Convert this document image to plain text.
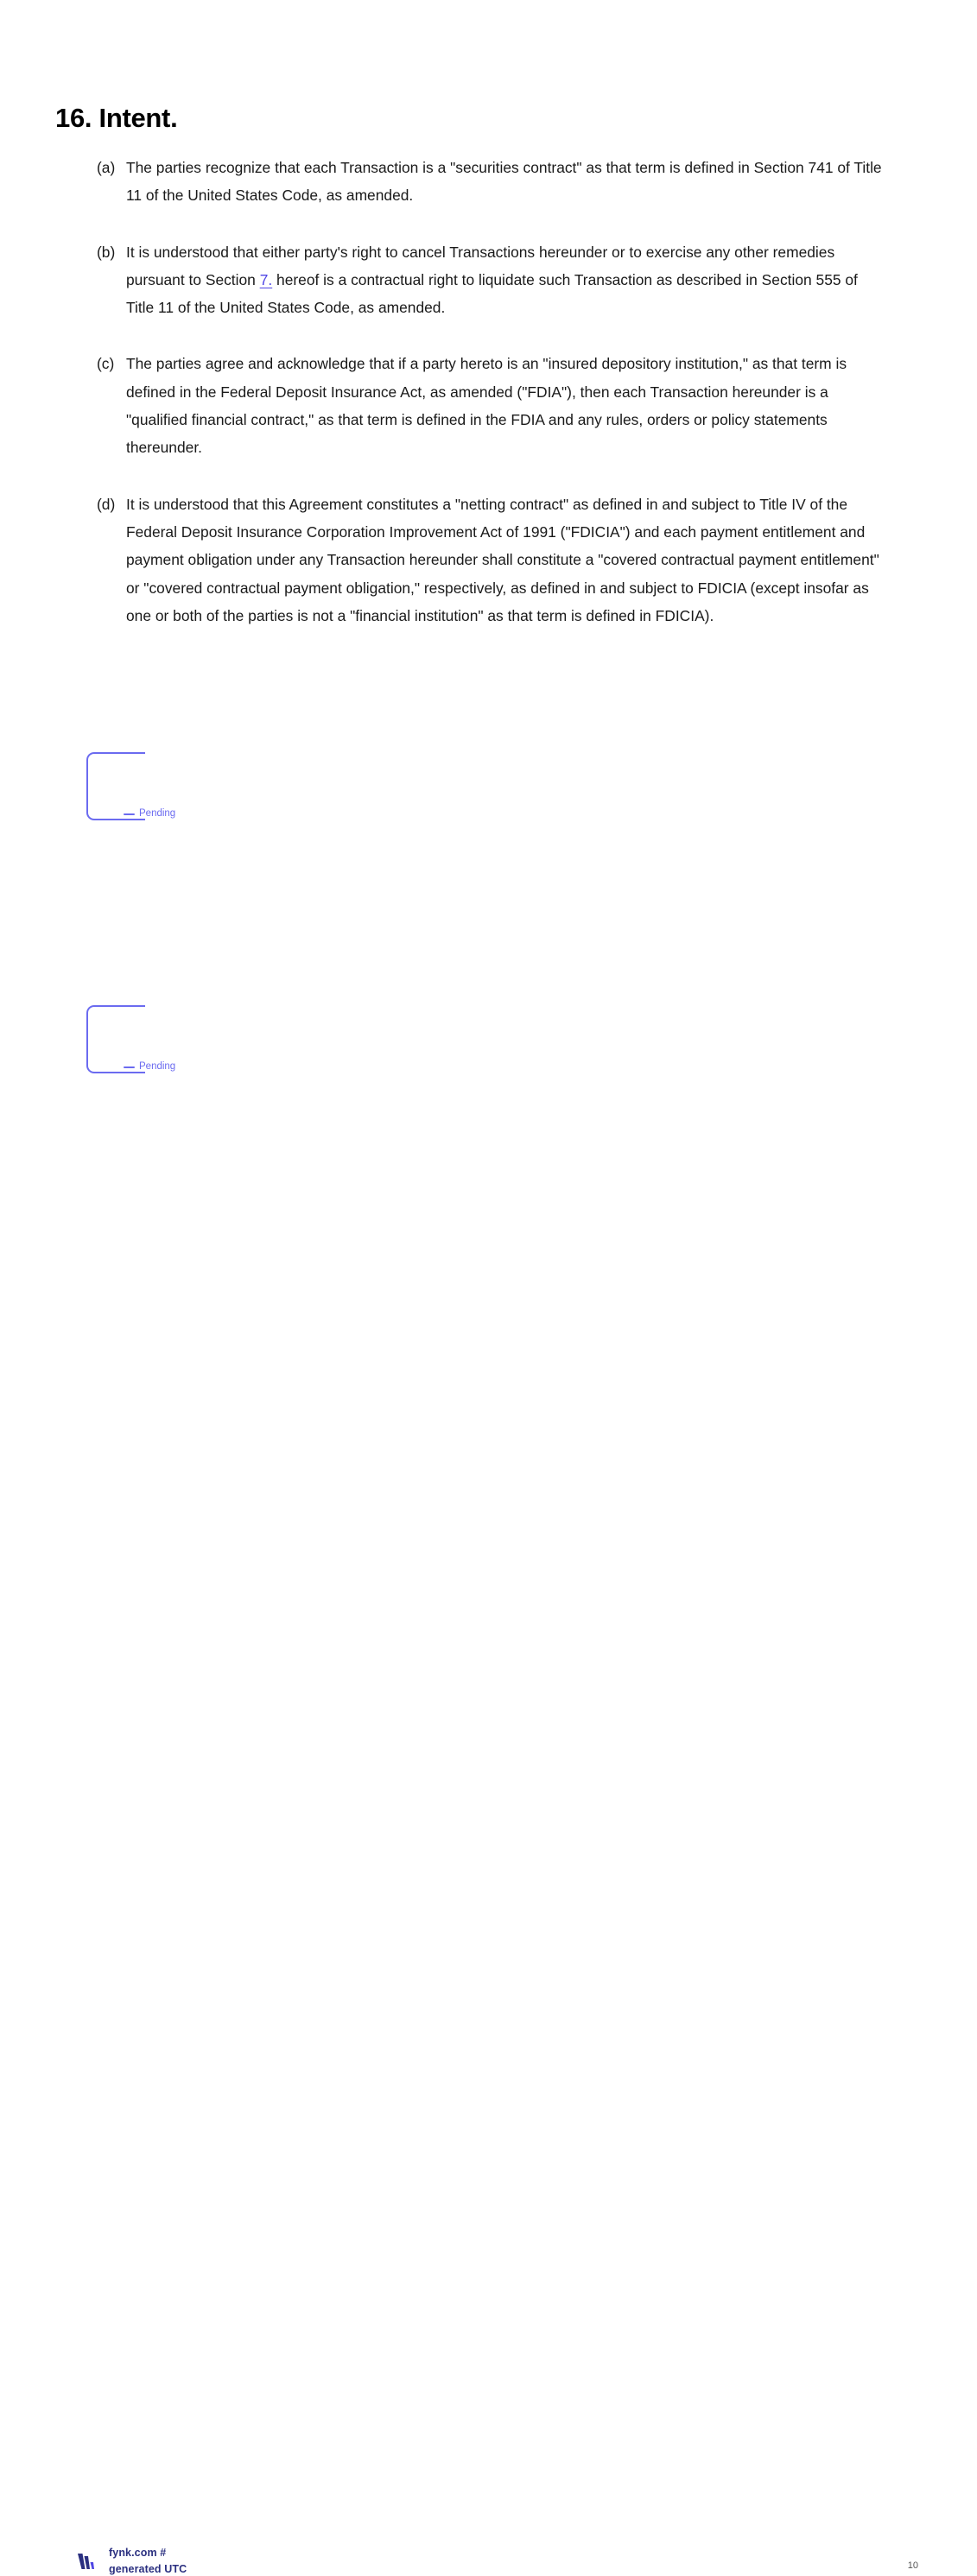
16. Intent.
(a) The parties recognize that each Transaction is a "securities contract" as that term is defined in Section 741 of Title 11 of the United States Code, as amended.
(b) It is understood that either party's right to cancel Transactions hereunder or to exercise any other remedies pursuant to Section 7. hereof is a contractual right to liquidate such Transaction as described in Section 555 of Title 11 of the United States Code, as amended.
(c) The parties agree and acknowledge that if a party hereto is an "insured depository institution," as that term is defined in the Federal Deposit Insurance Act, as amended ("FDIA"), then each Transaction hereunder is a "qualified financial contract," as that term is defined in the FDIA and any rules, orders or policy statements thereunder.
(d) It is understood that this Agreement constitutes a "netting contract" as defined in and subject to Title IV of the Federal Deposit Insurance Corporation Improvement Act of 1991 ("FDICIA") and each payment entitlement and payment obligation under any Transaction hereunder shall constitute a "covered contractual payment entitlement" or "covered contractual payment obligation," respectively, as defined in and subject to FDICIA (except insofar as one or both of the parties is not a "financial institution" as that term is defined in FDICIA).
Pending
Pending
fynk.com #
generated UTC	10
